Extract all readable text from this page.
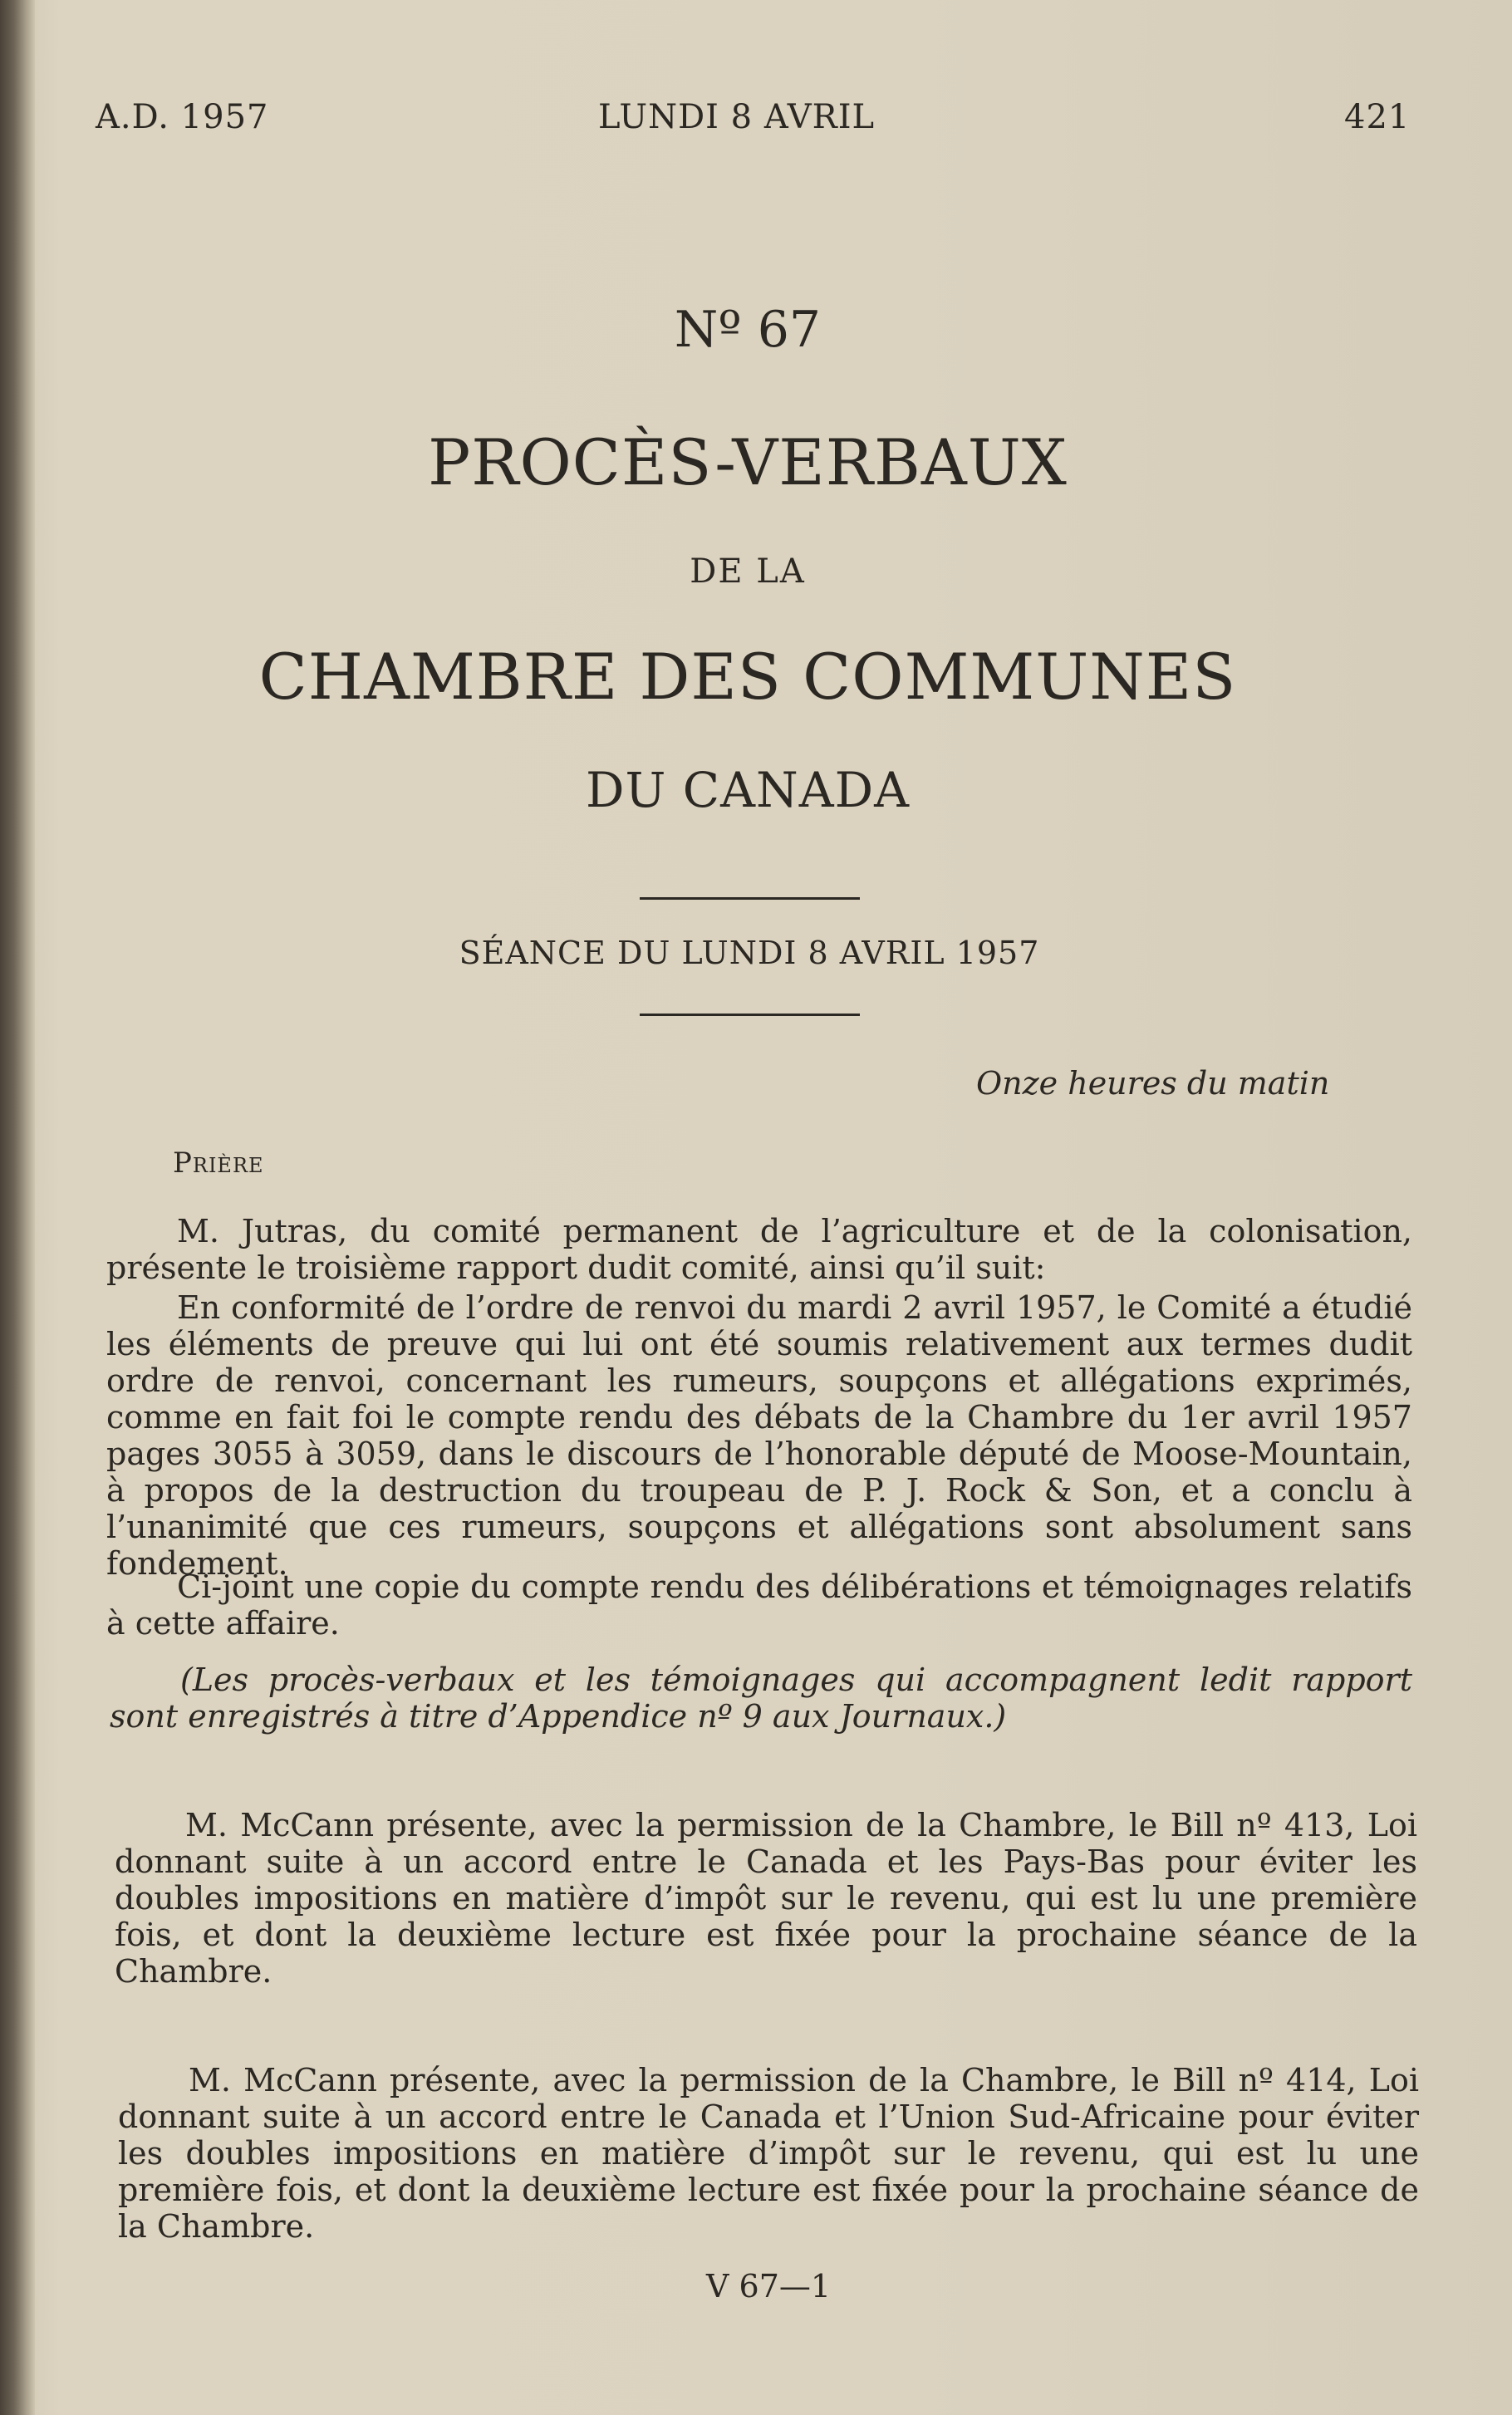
A.D. 1957	LUNDI 8 AVRIL	421
Nº 67
PROCÈS-VERBAUX
DE LA
CHAMBRE DES COMMUNES
DU CANADA
SÉANCE DU LUNDI 8 AVRIL 1957
Onze heures du matin
Prière
M. Jutras, du comité permanent de l’agriculture et de la colonisation, présente le troisième rapport dudit comité, ainsi qu’il suit:
En conformité de l’ordre de renvoi du mardi 2 avril 1957, le Comité a étudié les éléments de preuve qui lui ont été soumis relativement aux termes dudit ordre de renvoi, concernant les rumeurs, soupçons et allégations exprimés, comme en fait foi le compte rendu des débats de la Chambre du 1er avril 1957 pages 3055 à 3059, dans le discours de l’honorable député de Moose-Mountain, à propos de la destruction du troupeau de P. J. Rock & Son, et a conclu à l’unanimité que ces rumeurs, soupçons et allégations sont absolument sans fondement.
Ci-joint une copie du compte rendu des délibérations et témoignages relatifs à cette affaire.
(Les procès-verbaux et les témoignages qui accompagnent ledit rapport sont enregistrés à titre d’Appendice nº 9 aux Journaux.)
M. McCann présente, avec la permission de la Chambre, le Bill nº 413, Loi donnant suite à un accord entre le Canada et les Pays-Bas pour éviter les doubles impositions en matière d’impôt sur le revenu, qui est lu une première fois, et dont la deuxième lecture est fixée pour la prochaine séance de la Chambre.
M. McCann présente, avec la permission de la Chambre, le Bill nº 414, Loi donnant suite à un accord entre le Canada et l’Union Sud-Africaine pour éviter les doubles impositions en matière d’impôt sur le revenu, qui est lu une première fois, et dont la deuxième lecture est fixée pour la prochaine séance de la Chambre.
V 67—1
